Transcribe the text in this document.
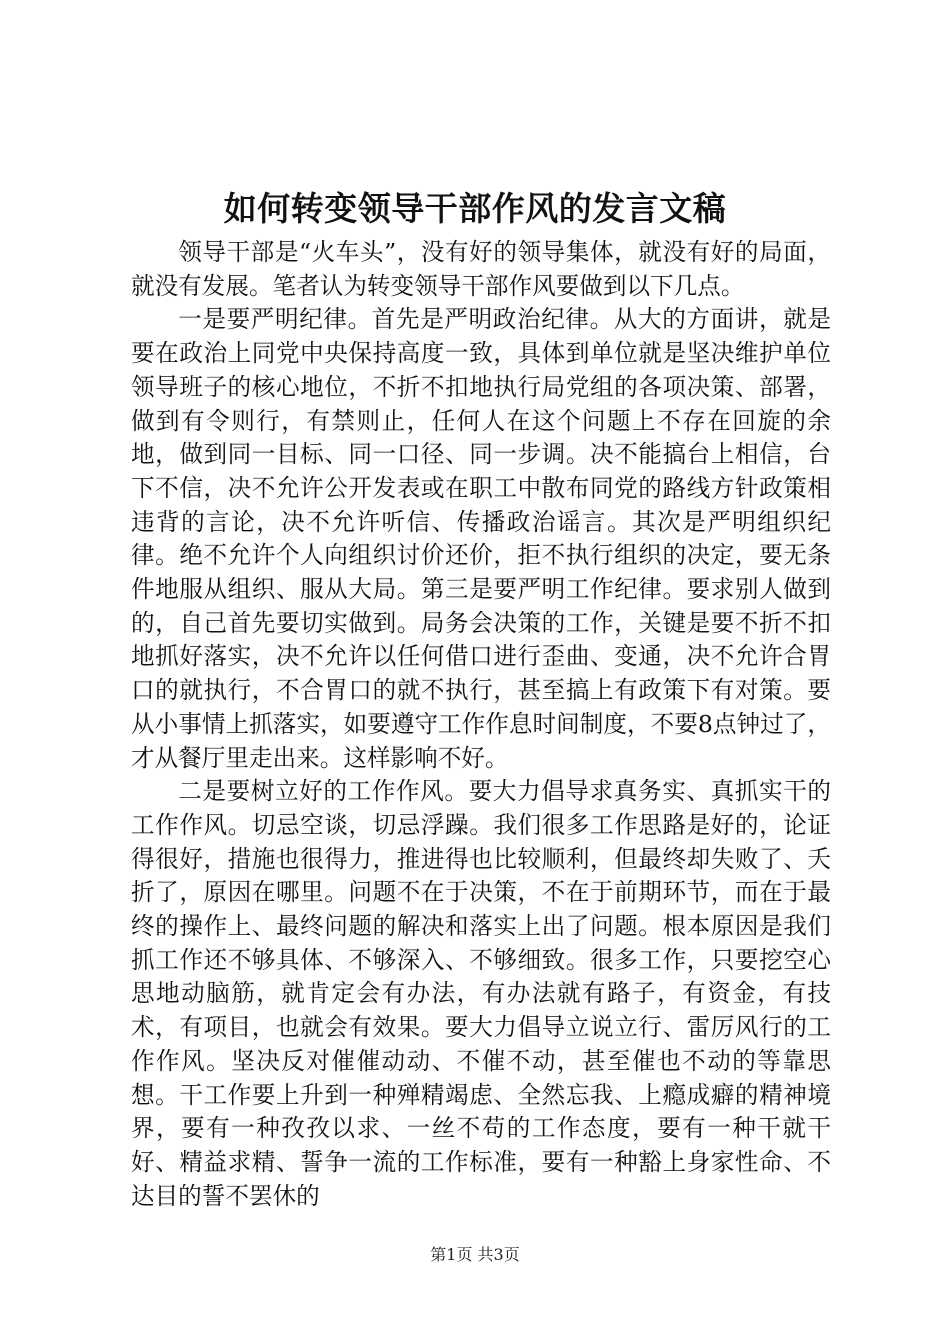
如何转变领导干部作风的发言文稿

领导干部是“火车头”，没有好的领导集体，就没有好的局面，就没有发展。笔者认为转变领导干部作风要做到以下几点。

一是要严明纪律。首先是严明政治纪律。从大的方面讲，就是要在政治上同党中央保持高度一致，具体到单位就是坚决维护单位领导班子的核心地位，不折不扣地执行局党组的各项决策、部署，做到有令则行，有禁则止，任何人在这个问题上不存在回旋的余地，做到同一目标、同一口径、同一步调。决不能搞台上相信，台下不信，决不允许公开发表或在职工中散布同党的路线方针政策相违背的言论，决不允许听信、传播政治谣言。其次是严明组织纪律。绝不允许个人向组织讨价还价，拒不执行组织的决定，要无条件地服从组织、服从大局。第三是要严明工作纪律。要求别人做到的，自己首先要切实做到。局务会决策的工作，关键是要不折不扣地抓好落实，决不允许以任何借口进行歪曲、变通，决不允许合胃口的就执行，不合胃口的就不执行，甚至搞上有政策下有对策。要从小事情上抓落实，如要遵守工作作息时间制度，不要8点钟过了，才从餐厅里走出来。这样影响不好。

二是要树立好的工作作风。要大力倡导求真务实、真抓实干的工作作风。切忌空谈，切忌浮躁。我们很多工作思路是好的，论证得很好，措施也很得力，推进得也比较顺利，但最终却失败了、夭折了，原因在哪里。问题不在于决策，不在于前期环节，而在于最终的操作上、最终问题的解决和落实上出了问题。根本原因是我们抓工作还不够具体、不够深入、不够细致。很多工作，只要挖空心思地动脑筋，就肯定会有办法，有办法就有路子，有资金，有技术，有项目，也就会有效果。要大力倡导立说立行、雷厉风行的工作作风。坚决反对催催动动、不催不动，甚至催也不动的等靠思想。干工作要上升到一种殚精竭虑、全然忘我、上瘾成癖的精神境界，要有一种孜孜以求、一丝不苟的工作态度，要有一种干就干好、精益求精、誓争一流的工作标准，要有一种豁上身家性命、不达目的誓不罢休的

第1页 共3页
